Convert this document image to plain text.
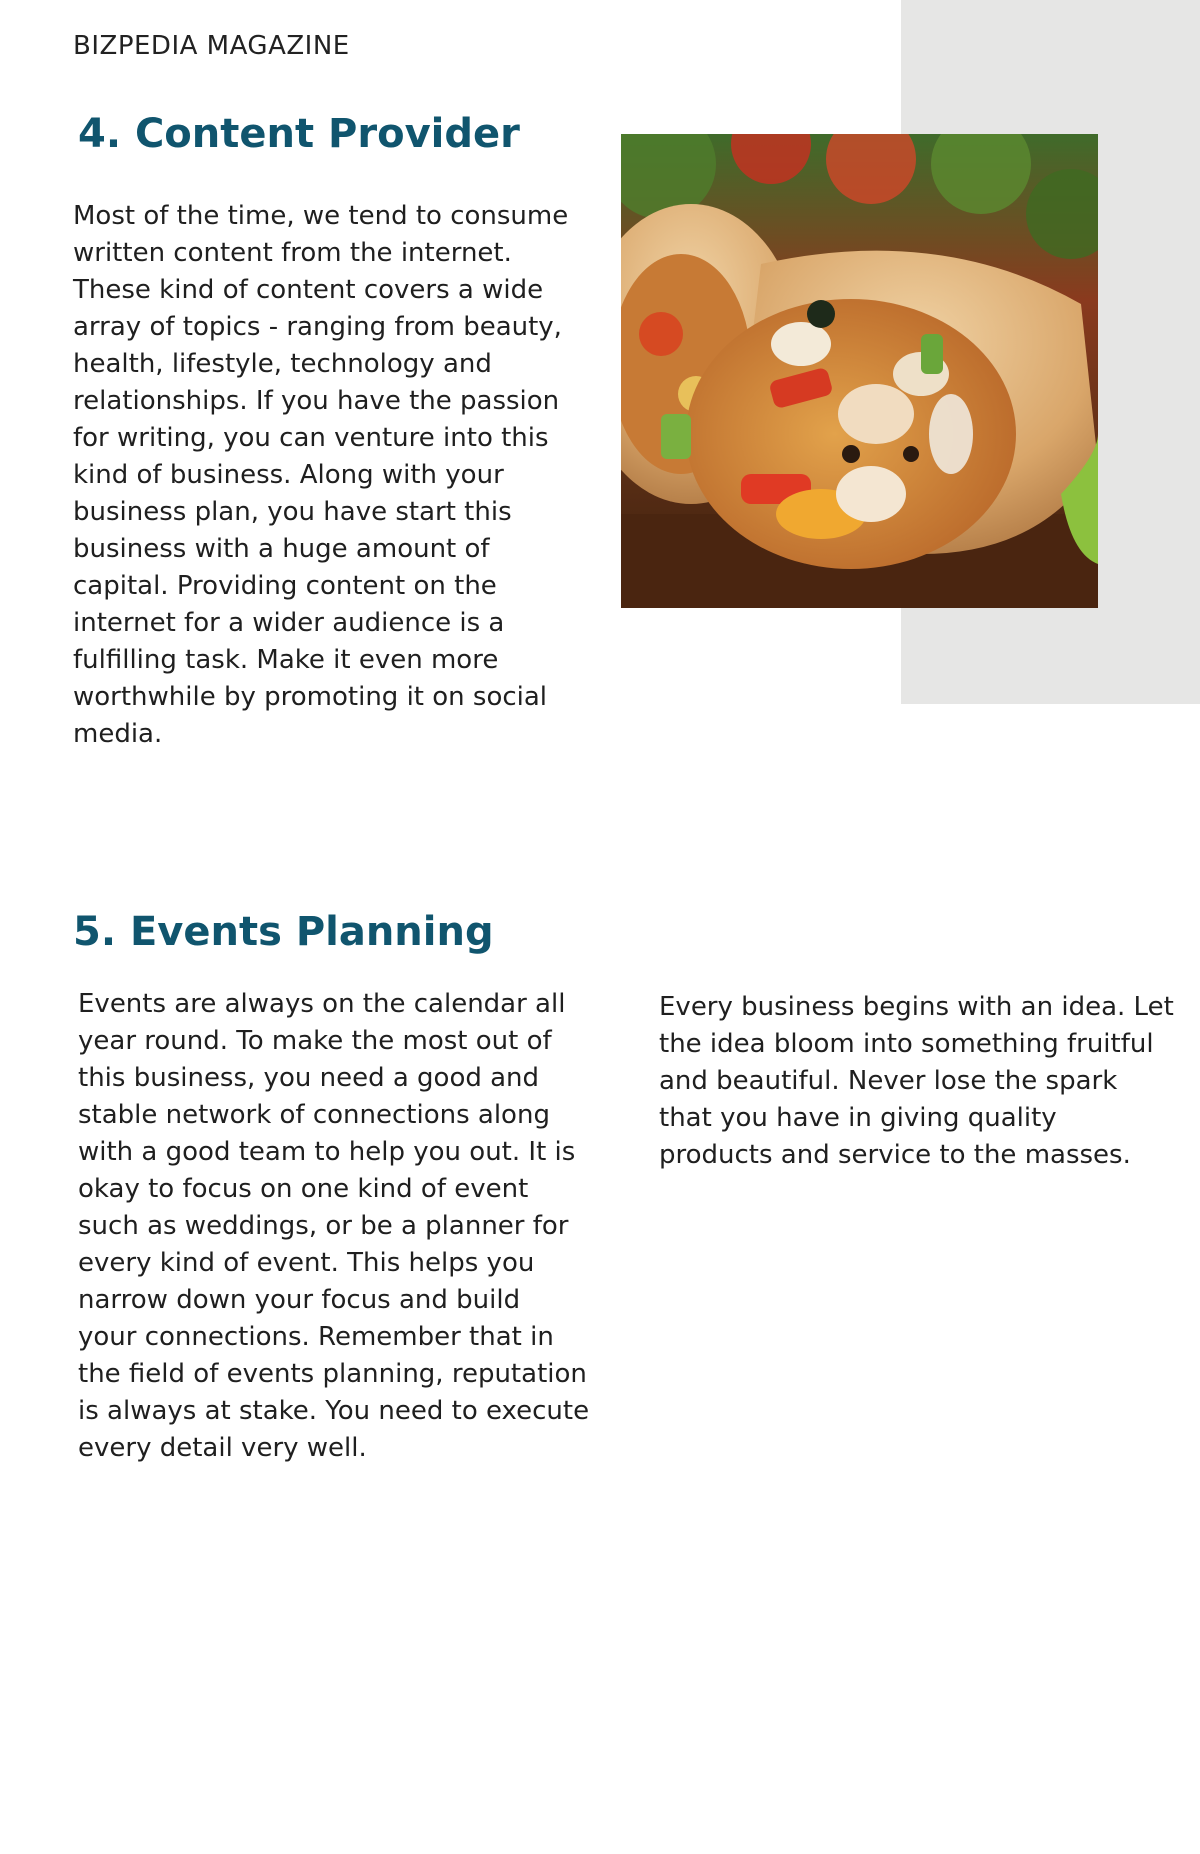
BIZPEDIA MAGAZINE
4. Content Provider

Most of the time, we tend to consume
written content from the internet.
These kind of content covers a wide
array of topics - ranging from beauty,
health, lifestyle, technology and
relationships. If you have the passion
for writing, you can venture into this
kind of business. Along with your
business plan, you have start this
business with a huge amount of
capital. Providing content on the
internet for a wider audience is a
fulfilling task. Make it even more
worthwhile by promoting it on social
media.

5. Events Planning

Events are always on the calendar all
year round. To make the most out of
this business, you need a good and
stable network of connections along
with a good team to help you out. It is
okay to focus on one kind of event
such as weddings, or be a planner for
every kind of event. This helps you
narrow down your focus and build
your connections. Remember that in
the field of events planning, reputation
is always at stake. You need to execute
every detail very well.

Every business begins with an idea. Let
the idea bloom into something fruitful
and beautiful. Never lose the spark
that you have in giving quality
products and service to the masses.
